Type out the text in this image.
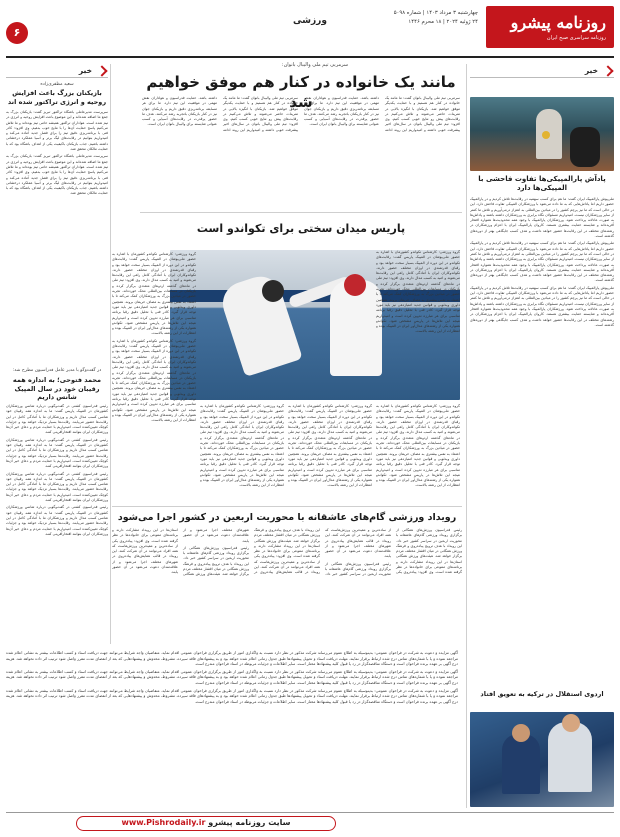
روزنامه پیشرو
روزنامه سراسری صبح ایران
چهارشنبه ۳ مرداد ۱۴۰۳ | شماره ۵۰۹۸
۲۴ ژوئیه ۲۰۲۴ | ۱۸ محرم ۱۴۴۶
ورزشی
۶
خبر
پادآش پارالمپیکی‌ها تفاوت فاحشی با المپیکی‌ها دارد

ملی‌پوش پارالمپیک ایران گفت: ما هم برای کسب سهمیه در رقابت‌ها تلاش کردیم و در پارالمپیک حضور داریم اما پاداش‌هایی که به ما داده می‌شود با ورزشکاران المپیکی تفاوت فاحش دارد. این در حالی است که ما نیز پرچم کشور را در میادین بین‌المللی به اهتزاز درمی‌آوریم و تلاش ما کمتر از سایر ورزشکاران نیست. امیدواریم مسئولان نگاه برابری به ورزشکاران داشته باشند و پاداش‌ها به صورت عادلانه پرداخت شود. ورزشکاران پارالمپیک با وجود همه محدودیت‌ها همواره افتخار آفریده‌اند و شایسته حمایت بیشتری هستند. کاروان پارالمپیک ایران با اعزام ورزشکاران در رشته‌های مختلف در این رقابت‌ها حضور خواهد داشت و هدف کسب جایگاهی بهتر از دوره‌های گذشته است.

ملی‌پوش پارالمپیک ایران گفت: ما هم برای کسب سهمیه در رقابت‌ها تلاش کردیم و در پارالمپیک حضور داریم اما پاداش‌هایی که به ما داده می‌شود با ورزشکاران المپیکی تفاوت فاحش دارد. این در حالی است که ما نیز پرچم کشور را در میادین بین‌المللی به اهتزاز درمی‌آوریم و تلاش ما کمتر از سایر ورزشکاران نیست. امیدواریم مسئولان نگاه برابری به ورزشکاران داشته باشند و پاداش‌ها به صورت عادلانه پرداخت شود. ورزشکاران پارالمپیک با وجود همه محدودیت‌ها همواره افتخار آفریده‌اند و شایسته حمایت بیشتری هستند. کاروان پارالمپیک ایران با اعزام ورزشکاران در رشته‌های مختلف در این رقابت‌ها حضور خواهد داشت و هدف کسب جایگاهی بهتر از دوره‌های گذشته است.

ملی‌پوش پارالمپیک ایران گفت: ما هم برای کسب سهمیه در رقابت‌ها تلاش کردیم و در پارالمپیک حضور داریم اما پاداش‌هایی که به ما داده می‌شود با ورزشکاران المپیکی تفاوت فاحش دارد. این در حالی است که ما نیز پرچم کشور را در میادین بین‌المللی به اهتزاز درمی‌آوریم و تلاش ما کمتر از سایر ورزشکاران نیست. امیدواریم مسئولان نگاه برابری به ورزشکاران داشته باشند و پاداش‌ها به صورت عادلانه پرداخت شود. ورزشکاران پارالمپیک با وجود همه محدودیت‌ها همواره افتخار آفریده‌اند و شایسته حمایت بیشتری هستند. کاروان پارالمپیک ایران با اعزام ورزشکاران در رشته‌های مختلف در این رقابت‌ها حضور خواهد داشت و هدف کسب جایگاهی بهتر از دوره‌های گذشته است.

سرمربی تیم ملی والیبال بانوان:
مانند یک خانواده در کنار هم موفق خواهیم شد	سرمربی تیم ملی والیبال بانوان گفت: ما مانند یک خانواده در کنار هم هستیم و با حمایت یکدیگر موفق خواهیم شد. بازیکنان با انگیزه بالایی در تمرینات حاضر می‌شوند و تلاش می‌کنیم در رقابت‌های پیش رو نتایج خوبی کسب کنیم. وی افزود: تیم ملی والیبال بانوان در سال‌های اخیر پیشرفت خوبی داشته و امیدواریم این روند ادامه داشته باشد. حمایت فدراسیون و هواداران نقش مهمی در موفقیت این تیم دارد. ما برای هر مسابقه برنامه‌ریزی دقیق داریم و بازیکنان جوان نیز در کنار بازیکنان باتجربه رشد می‌کنند. هدف ما حضور پرقدرت در رقابت‌های آسیایی و کسب عنوانی شایسته برای والیبال بانوان ایران است.

سرمربی تیم ملی والیبال بانوان گفت: ما مانند یک خانواده در کنار هم هستیم و با حمایت یکدیگر موفق خواهیم شد. بازیکنان با انگیزه بالایی در تمرینات حاضر می‌شوند و تلاش می‌کنیم در رقابت‌های پیش رو نتایج خوبی کسب کنیم. وی افزود: تیم ملی والیبال بانوان در سال‌های اخیر پیشرفت خوبی داشته و امیدواریم این روند ادامه داشته باشد. حمایت فدراسیون و هواداران نقش مهمی در موفقیت این تیم دارد. ما برای هر مسابقه برنامه‌ریزی دقیق داریم و بازیکنان جوان نیز در کنار بازیکنان باتجربه رشد می‌کنند. هدف ما حضور پرقدرت در رقابت‌های آسیایی و کسب عنوانی شایسته برای والیبال بانوان ایران است.

پاریس میدان سختی برای تکواندو است

گروه ورزشی: کارشناس تکواندو کشورمان با اشاره به حضور ملی‌پوشان در المپیک پاریس گفت: رقابت‌های تکواندو در این دوره از المپیک بسیار سخت خواهد بود و رقبای قدرتمندی در اوزان مختلف حضور دارند. تکواندوکاران ایران با آمادگی کامل راهی این رقابت‌ها می‌شوند و امید به کسب مدال دارند. وی افزود: تیم ملی در ماه‌های گذشته اردوهای متعددی برگزار کرده و بازیکنان در مسابقات بین‌المللی محک خورده‌اند. تجربه حضور در میادین بزرگ به ورزشکاران کمک می‌کند تا با اعتماد به نفس بیشتری به مصاف حریفان بروند. همچنین داوری ویدئویی و قوانین جدید امتیازدهی نیز باید مورد توجه قرار گیرد. کادر فنی با تحلیل دقیق رقبا برنامه مناسبی برای هر مبارزه تدوین کرده است و امیدواریم نتیجه این تلاش‌ها در پاریس مشخص شود. تکواندو همواره یکی از رشته‌های مدال‌آور ایران در المپیک بوده و انتظارات از این رشته بالاست.

گروه ورزشی: کارشناس تکواندو کشورمان با اشاره به حضور ملی‌پوشان در المپیک پاریس گفت: رقابت‌های تکواندو در این دوره از المپیک بسیار سخت خواهد بود و رقبای قدرتمندی در اوزان مختلف حضور دارند. تکواندوکاران ایران با آمادگی کامل راهی این رقابت‌ها می‌شوند و امید به کسب مدال دارند. وی افزود: تیم ملی در ماه‌های گذشته اردوهای متعددی برگزار کرده و بازیکنان در مسابقات بین‌المللی محک خورده‌اند. تجربه حضور در میادین بزرگ به ورزشکاران کمک می‌کند تا با اعتماد به نفس بیشتری به مصاف حریفان بروند. همچنین داوری ویدئویی و قوانین جدید امتیازدهی نیز باید مورد توجه قرار گیرد. کادر فنی با تحلیل دقیق رقبا برنامه مناسبی برای هر مبارزه تدوین کرده است و امیدواریم نتیجه این تلاش‌ها در پاریس مشخص شود. تکواندو همواره یکی از رشته‌های مدال‌آور ایران در المپیک بوده و انتظارات از این رشته بالاست.

گروه ورزشی: کارشناس تکواندو کشورمان با اشاره به حضور ملی‌پوشان در المپیک پاریس گفت: رقابت‌های تکواندو در این دوره از المپیک بسیار سخت خواهد بود و رقبای قدرتمندی در اوزان مختلف حضور دارند. تکواندوکاران ایران با آمادگی کامل راهی این رقابت‌ها می‌شوند و امید به کسب مدال دارند. وی افزود: تیم ملی در ماه‌های گذشته اردوهای متعددی برگزار کرده و بازیکنان در مسابقات بین‌المللی محک خورده‌اند. تجربه حضور در میادین بزرگ به ورزشکاران کمک می‌کند تا با اعتماد به نفس بیشتری به مصاف حریفان بروند. همچنین داوری ویدئویی و قوانین جدید امتیازدهی نیز باید مورد توجه قرار گیرد. کادر فنی با تحلیل دقیق رقبا برنامه مناسبی برای هر مبارزه تدوین کرده است و امیدواریم نتیجه این تلاش‌ها در پاریس مشخص شود. تکواندو همواره یکی از رشته‌های مدال‌آور ایران در المپیک بوده و انتظارات از این رشته بالاست.

گروه ورزشی: کارشناس تکواندو کشورمان با اشاره به حضور ملی‌پوشان در المپیک پاریس گفت: رقابت‌های تکواندو در این دوره از المپیک بسیار سخت خواهد بود و رقبای قدرتمندی در اوزان مختلف حضور دارند. تکواندوکاران ایران با آمادگی کامل راهی این رقابت‌ها می‌شوند و امید به کسب مدال دارند. وی افزود: تیم ملی در ماه‌های گذشته اردوهای متعددی برگزار کرده و بازیکنان در مسابقات بین‌المللی محک خورده‌اند. تجربه حضور در میادین بزرگ به ورزشکاران کمک می‌کند تا با اعتماد به نفس بیشتری به مصاف حریفان بروند. همچنین داوری ویدئویی و قوانین جدید امتیازدهی نیز باید مورد توجه قرار گیرد. کادر فنی با تحلیل دقیق رقبا برنامه مناسبی برای هر مبارزه تدوین کرده است و امیدواریم نتیجه این تلاش‌ها در پاریس مشخص شود. تکواندو همواره یکی از رشته‌های مدال‌آور ایران در المپیک بوده و انتظارات از این رشته بالاست.

گروه ورزشی: کارشناس تکواندو کشورمان با اشاره به حضور ملی‌پوشان در المپیک پاریس گفت: رقابت‌های تکواندو در این دوره از المپیک بسیار سخت خواهد بود و رقبای قدرتمندی در اوزان مختلف حضور دارند. تکواندوکاران ایران با آمادگی کامل راهی این رقابت‌ها می‌شوند و امید به کسب مدال دارند. وی افزود: تیم ملی در ماه‌های گذشته اردوهای متعددی برگزار کرده و بازیکنان در مسابقات بین‌المللی محک خورده‌اند. تجربه حضور در میادین بزرگ به ورزشکاران کمک می‌کند تا با اعتماد به نفس بیشتری به مصاف حریفان بروند. همچنین داوری ویدئویی و قوانین جدید امتیازدهی نیز باید مورد توجه قرار گیرد. کادر فنی با تحلیل دقیق رقبا برنامه مناسبی برای هر مبارزه تدوین کرده است و امیدواریم نتیجه این تلاش‌ها در پاریس مشخص شود. تکواندو همواره یکی از رشته‌های مدال‌آور ایران در المپیک بوده و انتظارات از این رشته بالاست.

گروه ورزشی: کارشناس تکواندو کشورمان با اشاره به حضور ملی‌پوشان در المپیک پاریس گفت: رقابت‌های تکواندو در این دوره از المپیک بسیار سخت خواهد بود و رقبای قدرتمندی در اوزان مختلف حضور دارند. تکواندوکاران ایران با آمادگی کامل راهی این رقابت‌ها می‌شوند و امید به کسب مدال دارند. وی افزود: تیم ملی در ماه‌های گذشته اردوهای متعددی برگزار کرده و بازیکنان در مسابقات بین‌المللی محک خورده‌اند. تجربه حضور در میادین بزرگ به ورزشکاران کمک می‌کند تا با اعتماد به نفس بیشتری به مصاف حریفان بروند. همچنین داوری ویدئویی و قوانین جدید امتیازدهی نیز باید مورد توجه قرار گیرد. کادر فنی با تحلیل دقیق رقبا برنامه مناسبی برای هر مبارزه تدوین کرده است و امیدواریم نتیجه این تلاش‌ها در پاریس مشخص شود. تکواندو همواره یکی از رشته‌های مدال‌آور ایران در المپیک بوده و انتظارات از این رشته بالاست.

رویداد ورزشی گام‌های عاشقانه با محوریت اربعین در کشور اجرا می‌شود

رئیس فدراسیون ورزش‌های همگانی از برگزاری رویداد ورزشی گام‌های عاشقانه با محوریت اربعین در سراسر کشور خبر داد. این رویداد با هدف ترویج پیاده‌روی و فرهنگ ورزش همگانی در میان اقشار مختلف مردم برگزار خواهد شد. هیئت‌های ورزش همگانی استان‌ها در این رویداد مشارکت دارند و برنامه‌های متنوعی برای خانواده‌ها در نظر گرفته شده است. وی افزود: پیاده‌روی یکی از ساده‌ترین و مفیدترین ورزش‌هاست که همه افراد می‌توانند در آن شرکت کنند. این رویداد در قالب همایش‌های پیاده‌روی در شهرهای مختلف اجرا می‌شود و از علاقه‌مندان دعوت می‌شود در آن حضور یابند.

رئیس فدراسیون ورزش‌های همگانی از برگزاری رویداد ورزشی گام‌های عاشقانه با محوریت اربعین در سراسر کشور خبر داد. این رویداد با هدف ترویج پیاده‌روی و فرهنگ ورزش همگانی در میان اقشار مختلف مردم برگزار خواهد شد. هیئت‌های ورزش همگانی استان‌ها در این رویداد مشارکت دارند و برنامه‌های متنوعی برای خانواده‌ها در نظر گرفته شده است. وی افزود: پیاده‌روی یکی از ساده‌ترین و مفیدترین ورزش‌هاست که همه افراد می‌توانند در آن شرکت کنند. این رویداد در قالب همایش‌های پیاده‌روی در شهرهای مختلف اجرا می‌شود و از علاقه‌مندان دعوت می‌شود در آن حضور یابند.

رئیس فدراسیون ورزش‌های همگانی از برگزاری رویداد ورزشی گام‌های عاشقانه با محوریت اربعین در سراسر کشور خبر داد. این رویداد با هدف ترویج پیاده‌روی و فرهنگ ورزش همگانی در میان اقشار مختلف مردم برگزار خواهد شد. هیئت‌های ورزش همگانی استان‌ها در این رویداد مشارکت دارند و برنامه‌های متنوعی برای خانواده‌ها در نظر گرفته شده است. وی افزود: پیاده‌روی یکی از ساده‌ترین و مفیدترین ورزش‌هاست که همه افراد می‌توانند در آن شرکت کنند. این رویداد در قالب همایش‌های پیاده‌روی در شهرهای مختلف اجرا می‌شود و از علاقه‌مندان دعوت می‌شود در آن حضور یابند.

آگهی مزایده و دعوت به شرکت در فراخوان عمومی: بدینوسیله به اطلاع عموم می‌رساند شرکت مذکور در نظر دارد نسبت به واگذاری امور از طریق برگزاری فراخوان عمومی اقدام نماید. متقاضیان واجد شرایط می‌توانند جهت دریافت اسناد و کسب اطلاعات بیشتر به نشانی اعلام شده مراجعه نموده و یا با شماره‌های تماس درج شده ارتباط برقرار نمایند. مهلت دریافت اسناد و تحویل پیشنهادها طبق جدول زمانی اعلام شده خواهد بود و به پیشنهادهای فاقد سپرده، مشروط، مخدوش و پیشنهادهایی که بعد از انقضای مدت مقرر واصل شود ترتیب اثر داده نخواهد شد. هزینه درج آگهی بر عهده برنده فراخوان است و دستگاه مناقصه‌گزار در رد یا قبول کلیه پیشنهادها مختار است. سایر اطلاعات و جزئیات مربوطه در اسناد فراخوان مندرج است.

آگهی مزایده و دعوت به شرکت در فراخوان عمومی: بدینوسیله به اطلاع عموم می‌رساند شرکت مذکور در نظر دارد نسبت به واگذاری امور از طریق برگزاری فراخوان عمومی اقدام نماید. متقاضیان واجد شرایط می‌توانند جهت دریافت اسناد و کسب اطلاعات بیشتر به نشانی اعلام شده مراجعه نموده و یا با شماره‌های تماس درج شده ارتباط برقرار نمایند. مهلت دریافت اسناد و تحویل پیشنهادها طبق جدول زمانی اعلام شده خواهد بود و به پیشنهادهای فاقد سپرده، مشروط، مخدوش و پیشنهادهایی که بعد از انقضای مدت مقرر واصل شود ترتیب اثر داده نخواهد شد. هزینه درج آگهی بر عهده برنده فراخوان است و دستگاه مناقصه‌گزار در رد یا قبول کلیه پیشنهادها مختار است. سایر اطلاعات و جزئیات مربوطه در اسناد فراخوان مندرج است.

آگهی مزایده و دعوت به شرکت در فراخوان عمومی: بدینوسیله به اطلاع عموم می‌رساند شرکت مذکور در نظر دارد نسبت به واگذاری امور از طریق برگزاری فراخوان عمومی اقدام نماید. متقاضیان واجد شرایط می‌توانند جهت دریافت اسناد و کسب اطلاعات بیشتر به نشانی اعلام شده مراجعه نموده و یا با شماره‌های تماس درج شده ارتباط برقرار نمایند. مهلت دریافت اسناد و تحویل پیشنهادها طبق جدول زمانی اعلام شده خواهد بود و به پیشنهادهای فاقد سپرده، مشروط، مخدوش و پیشنهادهایی که بعد از انقضای مدت مقرر واصل شود ترتیب اثر داده نخواهد شد. هزینه درج آگهی بر عهده برنده فراخوان است و دستگاه مناقصه‌گزار در رد یا قبول کلیه پیشنهادها مختار است. سایر اطلاعات و جزئیات مربوطه در اسناد فراخوان مندرج است.

خبر
سعید مظفری‌زاده
بازیکنان بزرگ باعث افزایش روحیه و انرژی تراکتور شده اند

سرپرست مدیرعاملی باشگاه تراکتور تبریز گفت: بازیکنان بزرگ به جمع ما اضافه شده‌اند و این موضوع باعث افزایش روحیه و انرژی در تیم شده است. هواداران تراکتور همیشه حامی تیم بوده‌اند و ما تلاش می‌کنیم پاسخ حمایت آن‌ها را با نتایج خوب بدهیم. وی افزود: کادر فنی با برنامه‌ریزی دقیق تیم را برای فصل جدید آماده می‌کند و امیدواریم بتوانیم در رقابت‌های لیگ برتر و آسیا عملکرد درخشانی داشته باشیم. جذب بازیکنان باکیفیت یکی از اهداف باشگاه بود که با حمایت مالکان محقق شد.

سرپرست مدیرعاملی باشگاه تراکتور تبریز گفت: بازیکنان بزرگ به جمع ما اضافه شده‌اند و این موضوع باعث افزایش روحیه و انرژی در تیم شده است. هواداران تراکتور همیشه حامی تیم بوده‌اند و ما تلاش می‌کنیم پاسخ حمایت آن‌ها را با نتایج خوب بدهیم. وی افزود: کادر فنی با برنامه‌ریزی دقیق تیم را برای فصل جدید آماده می‌کند و امیدواریم بتوانیم در رقابت‌های لیگ برتر و آسیا عملکرد درخشانی داشته باشیم. جذب بازیکنان باکیفیت یکی از اهداف باشگاه بود که با حمایت مالکان محقق شد.

در گفت‌وگو با مدیر عامل فدراسیون مطرح شد:
محمد فتوحی؛ به اندازه همه رقیبان خود در سال المپیک شانس داریم

رئیس فدراسیون کشتی در گفت‌وگویی درباره شانس ورزشکاران کشورمان در المپیک پاریس گفت: ما به اندازه همه رقیبان خود شانس کسب مدال داریم و ورزشکاران ما با آمادگی کامل در این رقابت‌ها حضور می‌یابند. رقابت‌ها بسیار نزدیک خواهد بود و جزئیات کوچک تعیین‌کننده است. امیدواریم با حمایت مردم و دعای خیر آن‌ها ورزشکاران ایران بتوانند افتخارآفرینی کنند.

رئیس فدراسیون کشتی در گفت‌وگویی درباره شانس ورزشکاران کشورمان در المپیک پاریس گفت: ما به اندازه همه رقیبان خود شانس کسب مدال داریم و ورزشکاران ما با آمادگی کامل در این رقابت‌ها حضور می‌یابند. رقابت‌ها بسیار نزدیک خواهد بود و جزئیات کوچک تعیین‌کننده است. امیدواریم با حمایت مردم و دعای خیر آن‌ها ورزشکاران ایران بتوانند افتخارآفرینی کنند.

رئیس فدراسیون کشتی در گفت‌وگویی درباره شانس ورزشکاران کشورمان در المپیک پاریس گفت: ما به اندازه همه رقیبان خود شانس کسب مدال داریم و ورزشکاران ما با آمادگی کامل در این رقابت‌ها حضور می‌یابند. رقابت‌ها بسیار نزدیک خواهد بود و جزئیات کوچک تعیین‌کننده است. امیدواریم با حمایت مردم و دعای خیر آن‌ها ورزشکاران ایران بتوانند افتخارآفرینی کنند.

رئیس فدراسیون کشتی در گفت‌وگویی درباره شانس ورزشکاران کشورمان در المپیک پاریس گفت: ما به اندازه همه رقیبان خود شانس کسب مدال داریم و ورزشکاران ما با آمادگی کامل در این رقابت‌ها حضور می‌یابند. رقابت‌ها بسیار نزدیک خواهد بود و جزئیات کوچک تعیین‌کننده است. امیدواریم با حمایت مردم و دعای خیر آن‌ها ورزشکاران ایران بتوانند افتخارآفرینی کنند.

اردوی استقلال در ترکیه به تعویق افتاد
سایت روزنامه پیشرو www.Pishrodaily.ir
